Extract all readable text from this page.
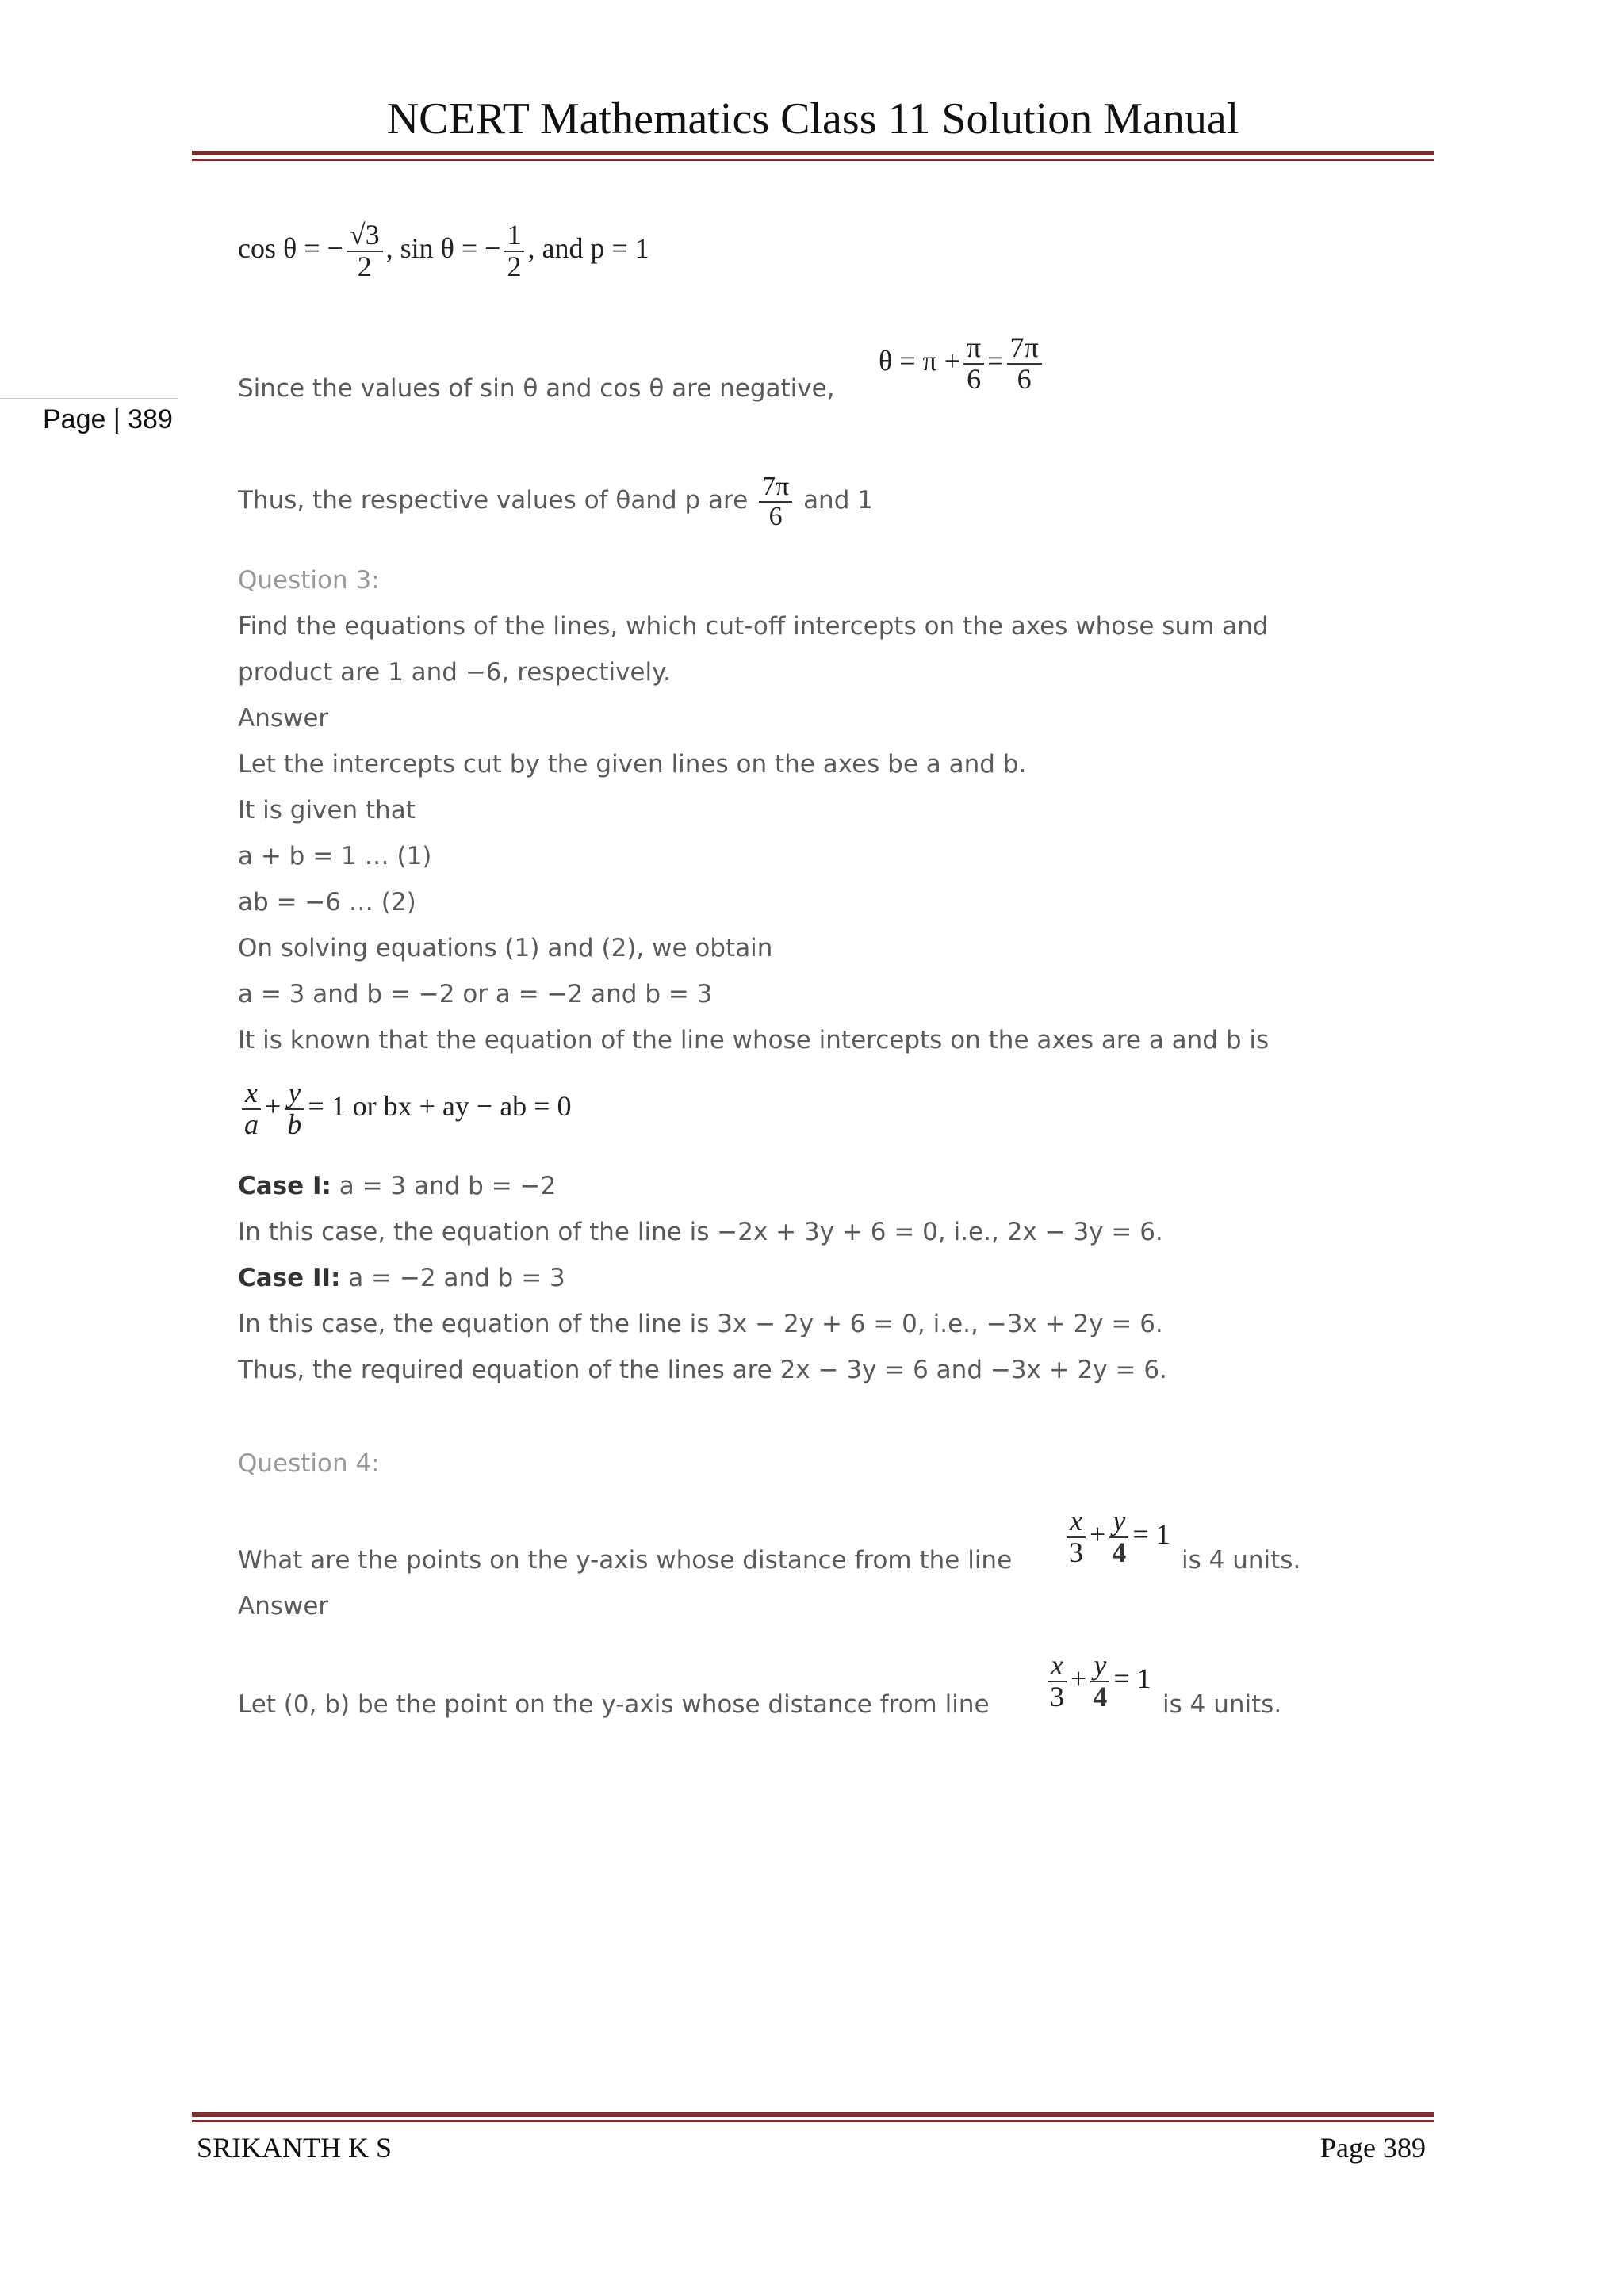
NCERT Mathematics Class 11 Solution Manual
Page | 389
cos θ = − $\frac{√3}{2}$ , sin θ = − $\frac{1}{2}$ , and p = 1
Since the values of sin θ and cos θ are negative,
$\theta = \pi + \frac{\pi}{6} = \frac{7\pi}{6}$
Thus, the respective values of θand p are $\frac{7\pi}{6}$ and 1
Question 3:
Find the equations of the lines, which cut-off intercepts on the axes whose sum and
product are 1 and −6, respectively.
Answer
Let the intercepts cut by the given lines on the axes be a and b.
It is given that
a + b = 1 … (1)
ab = −6 … (2)
On solving equations (1) and (2), we obtain
a = 3 and b = −2 or a = −2 and b = 3
It is known that the equation of the line whose intercepts on the axes are a and b is
$\frac{x}{a} + \frac{y}{b} = 1$ or bx + ay − ab = 0
Case I: a = 3 and b = −2
In this case, the equation of the line is −2x + 3y + 6 = 0, i.e., 2x − 3y = 6.
Case II: a = −2 and b = 3
In this case, the equation of the line is 3x − 2y + 6 = 0, i.e., −3x + 2y = 6.
Thus, the required equation of the lines are 2x − 3y = 6 and −3x + 2y = 6.
Question 4:
What are the points on the y-axis whose distance from the line $\frac{x}{3} + \frac{y}{4} = 1$
is 4 units.
Answer
Let (0, b) be the point on the y-axis whose distance from line $\frac{x}{3} + \frac{y}{4} = 1$
is 4 units.
SRIKANTH K S	Page 389
